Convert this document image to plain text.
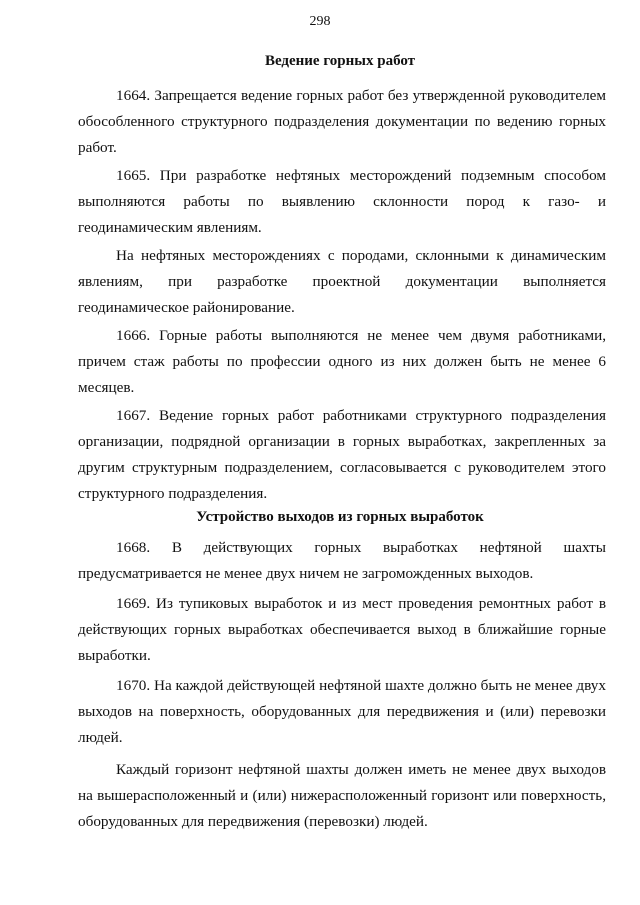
298
Ведение горных работ

1664. Запрещается ведение горных работ без утвержденной руководителем обособленного структурного подразделения документации по ведению горных работ.

1665. При разработке нефтяных месторождений подземным способом выполняются работы по выявлению склонности пород к газо- и геодинамическим явлениям.

На нефтяных месторождениях с породами, склонными к динамическим явлениям, при разработке проектной документации выполняется геодинамическое районирование.

1666. Горные работы выполняются не менее чем двумя работниками, причем стаж работы по профессии одного из них должен быть не менее 6 месяцев.

1667. Ведение горных работ работниками структурного подразделения организации, подрядной организации в горных выработках, закрепленных за другим структурным подразделением, согласовывается с руководителем этого структурного подразделения.

Устройство выходов из горных выработок

1668. В действующих горных выработках нефтяной шахты предусматривается не менее двух ничем не загроможденных выходов.

1669. Из тупиковых выработок и из мест проведения ремонтных работ в действующих горных выработках обеспечивается выход в ближайшие горные выработки.

1670. На каждой действующей нефтяной шахте должно быть не менее двух выходов на поверхность, оборудованных для передвижения и (или) перевозки людей.

Каждый горизонт нефтяной шахты должен иметь не менее двух выходов на вышерасположенный и (или) нижерасположенный горизонт или поверхность, оборудованных для передвижения (перевозки) людей.
